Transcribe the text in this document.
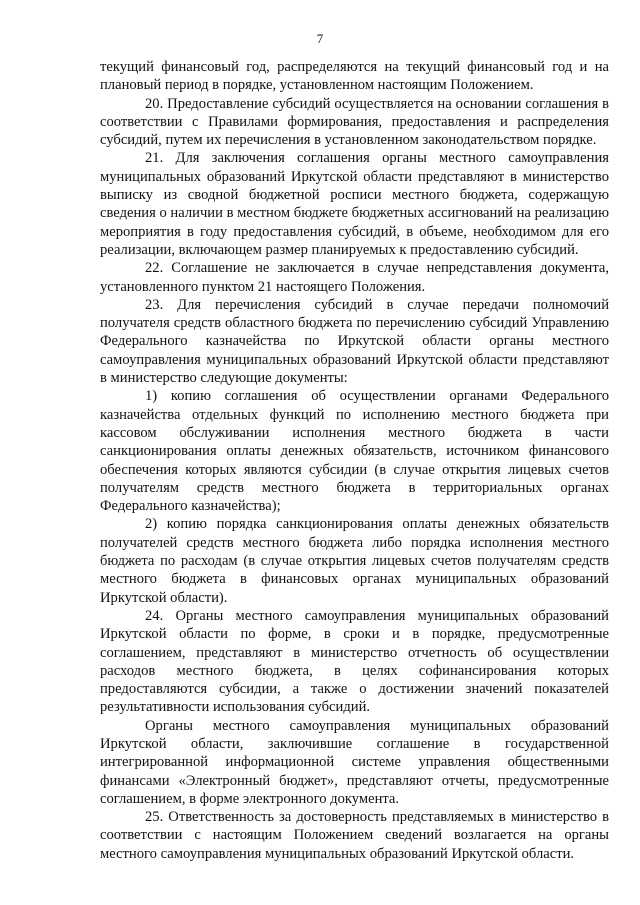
7

текущий финансовый год, распределяются на текущий финансовый год и на плановый период в порядке, установленном настоящим Положением.

20. Предоставление субсидий осуществляется на основании соглашения в соответствии с Правилами формирования, предоставления и распределения субсидий, путем их перечисления в установленном законодательством порядке.

21. Для заключения соглашения органы местного самоуправления муниципальных образований Иркутской области представляют в министерство выписку из сводной бюджетной росписи местного бюджета, содержащую сведения о наличии в местном бюджете бюджетных ассигнований на реализацию мероприятия в году предоставления субсидий, в объеме, необходимом для его реализации, включающем размер планируемых к предоставлению субсидий.

22. Соглашение не заключается в случае непредставления документа, установленного пунктом 21 настоящего Положения.

23. Для перечисления субсидий в случае передачи полномочий получателя средств областного бюджета по перечислению субсидий Управлению Федерального казначейства по Иркутской области органы местного самоуправления муниципальных образований Иркутской области представляют в министерство следующие документы:

1) копию соглашения об осуществлении органами Федерального казначейства отдельных функций по исполнению местного бюджета при кассовом обслуживании исполнения местного бюджета в части санкционирования оплаты денежных обязательств, источником финансового обеспечения которых являются субсидии (в случае открытия лицевых счетов получателям средств местного бюджета в территориальных органах Федерального казначейства);

2) копию порядка санкционирования оплаты денежных обязательств получателей средств местного бюджета либо порядка исполнения местного бюджета по расходам (в случае открытия лицевых счетов получателям средств местного бюджета в финансовых органах муниципальных образований Иркутской области).

24. Органы местного самоуправления муниципальных образований Иркутской области по форме, в сроки и в порядке, предусмотренные соглашением, представляют в министерство отчетность об осуществлении расходов местного бюджета, в целях софинансирования которых предоставляются субсидии, а также о достижении значений показателей результативности использования субсидий.

Органы местного самоуправления муниципальных образований Иркутской области, заключившие соглашение в государственной интегрированной информационной системе управления общественными финансами «Электронный бюджет», представляют отчеты, предусмотренные соглашением, в форме электронного документа.

25. Ответственность за достоверность представляемых в министерство в соответствии с настоящим Положением сведений возлагается на органы местного самоуправления муниципальных образований Иркутской области.
